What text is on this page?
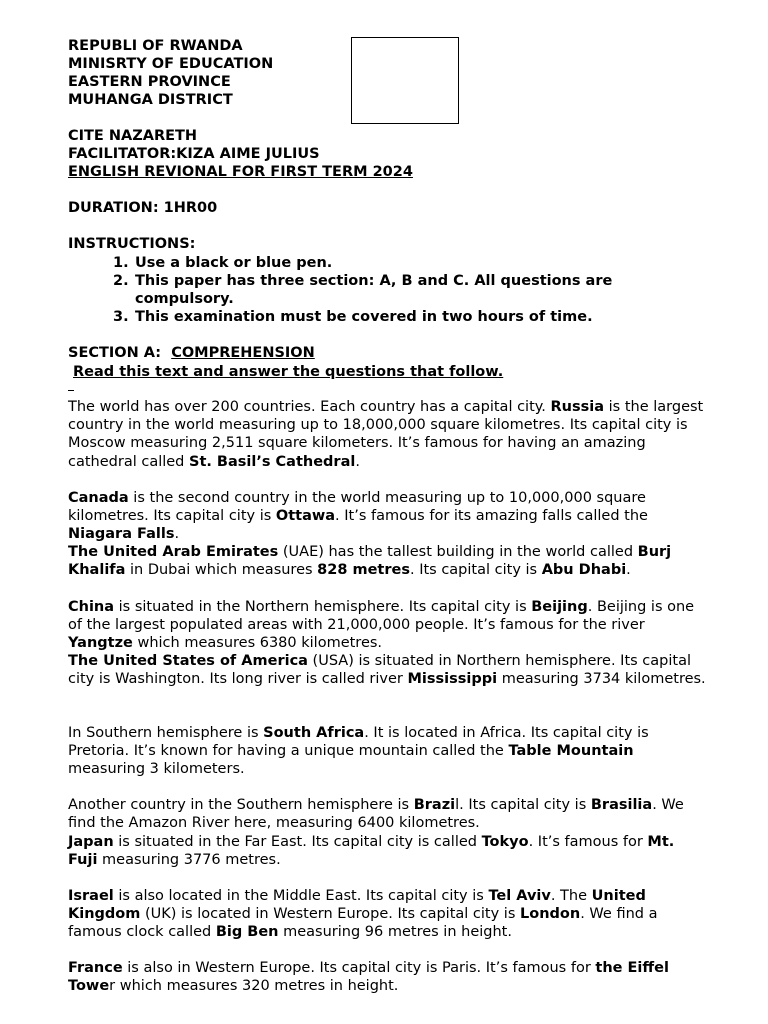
REPUBLI OF RWANDA
MINISRTY OF EDUCATION
EASTERN PROVINCE
MUHANGA DISTRICT
CITE NAZARETH
FACILITATOR:KIZA AIME JULIUS
ENGLISH REVIONAL FOR FIRST TERM 2024
DURATION: 1HR00
INSTRUCTIONS:
1. Use a black or blue pen.
2. This paper has three section: A, B and C. All questions are
compulsory.
3. This examination must be covered in two hours of time.
SECTION A: COMPREHENSION
Read this text and answer the questions that follow.
The world has over 200 countries. Each country has a capital city. Russia is the largest country in the world measuring up to 18,000,000 square kilometres. Its capital city is Moscow measuring 2,511 square kilometers. It’s famous for having an amazing cathedral called St. Basil’s Cathedral.
Canada is the second country in the world measuring up to 10,000,000 square kilometres. Its capital city is Ottawa. It’s famous for its amazing falls called the Niagara Falls.
The United Arab Emirates (UAE) has the tallest building in the world called Burj Khalifa in Dubai which measures 828 metres. Its capital city is Abu Dhabi.
China is situated in the Northern hemisphere. Its capital city is Beijing. Beijing is one of the largest populated areas with 21,000,000 people. It’s famous for the river Yangtze which measures 6380 kilometres.
The United States of America (USA) is situated in Northern hemisphere. Its capital city is Washington. Its long river is called river Mississippi measuring 3734 kilometres.
In Southern hemisphere is South Africa. It is located in Africa. Its capital city is Pretoria. It’s known for having a unique mountain called the Table Mountain measuring 3 kilometers.
Another country in the Southern hemisphere is Brazil. Its capital city is Brasilia. We find the Amazon River here, measuring 6400 kilometres.
Japan is situated in the Far East. Its capital city is called Tokyo. It’s famous for Mt. Fuji measuring 3776 metres.
Israel is also located in the Middle East. Its capital city is Tel Aviv. The United Kingdom (UK) is located in Western Europe. Its capital city is London. We find a famous clock called Big Ben measuring 96 metres in height.
France is also in Western Europe. Its capital city is Paris. It’s famous for the Eiffel Tower which measures 320 metres in height.
